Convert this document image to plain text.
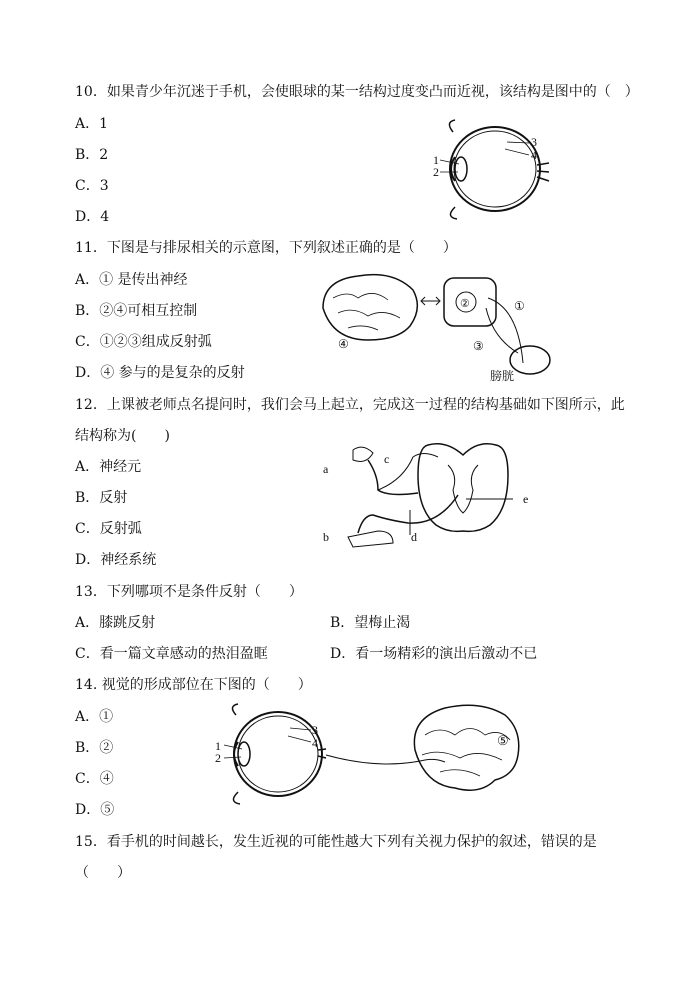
10．如果青少年沉迷于手机，会使眼球的某一结构过度变凸而近视，该结构是图中的（　）
A．1
B．2
C．3
D．4
1
2
3
4
11．下图是与排尿相关的示意图，下列叙述正确的是（　　）
A．① 是传出神经
B．②④可相互控制
C．①②③组成反射弧
D．④ 参与的是复杂的反射
④
②	①
③
膀胱
12．上课被老师点名提问时，我们会马上起立，完成这一过程的结构基础如下图所示，此
结构称为(　　)
A．神经元
B．反射
C．反射弧
D．神经系统
a
c
b	d
e
13．下列哪项不是条件反射（　　）
A．膝跳反射	B．望梅止渴
C．看一篇文章感动的热泪盈眶	D．看一场精彩的演出后激动不已
14. 视觉的形成部位在下图的（　　）
A．①
B．②
C．④
D．⑤
1
2
3
4	⑤
15．看手机的时间越长，发生近视的可能性越大下列有关视力保护的叙述，错误的是
（　　）
